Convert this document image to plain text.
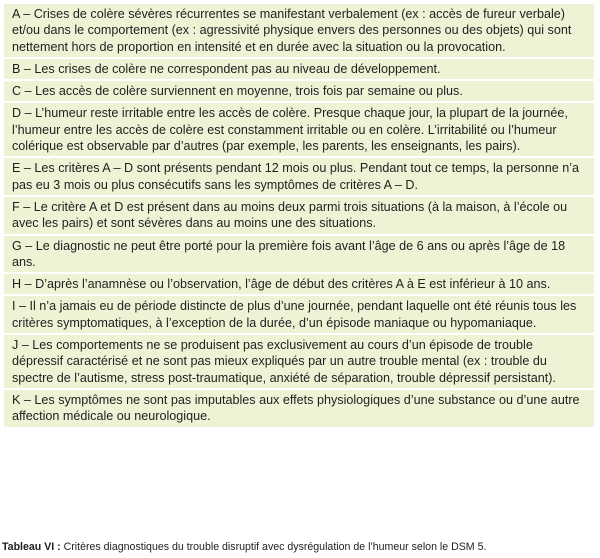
A – Crises de colère sévères récurrentes se manifestant verbalement (ex : accès de fureur verbale) et/ou dans le comportement (ex : agressivité physique envers des personnes ou des objets) qui sont nettement hors de proportion en intensité et en durée avec la situation ou la provocation.
B – Les crises de colère ne correspondent pas au niveau de développement.
C – Les accès de colère surviennent en moyenne, trois fois par semaine ou plus.
D – L’humeur reste irritable entre les accès de colère. Presque chaque jour, la plupart de la journée, l’humeur entre les accès de colère est constamment irritable ou en colère. L’irritabilité ou l’humeur colérique est observable par d’autres (par exemple, les parents, les enseignants, les pairs).
E – Les critères A – D sont présents pendant 12 mois ou plus. Pendant tout ce temps, la personne n’a pas eu 3 mois ou plus consécutifs sans les symptômes de critères A – D.
F – Le critère A et D est présent dans au moins deux parmi trois situations (à la maison, à l’école ou avec les pairs) et sont sévères dans au moins une des situations.
G – Le diagnostic ne peut être porté pour la première fois avant l’âge de 6 ans ou après l’âge de 18 ans.
H – D’après l’anamnèse ou l’observation, l’âge de début des critères A à E est inférieur à 10 ans.
I – Il n’a jamais eu de période distincte de plus d’une journée, pendant laquelle ont été réunis tous les critères symptomatiques, à l’exception de la durée, d’un épisode maniaque ou hypomaniaque.
J – Les comportements ne se produisent pas exclusivement au cours d’un épisode de trouble dépressif caractérisé et ne sont pas mieux expliqués par un autre trouble mental (ex : trouble du spectre de l’autisme, stress post-traumatique, anxiété de séparation, trouble dépressif persistant).
K – Les symptômes ne sont pas imputables aux effets physiologiques d’une substance ou d’une autre affection médicale ou neurologique.
Tableau VI : Critères diagnostiques du trouble disruptif avec dysrégulation de l’humeur selon le DSM 5.
